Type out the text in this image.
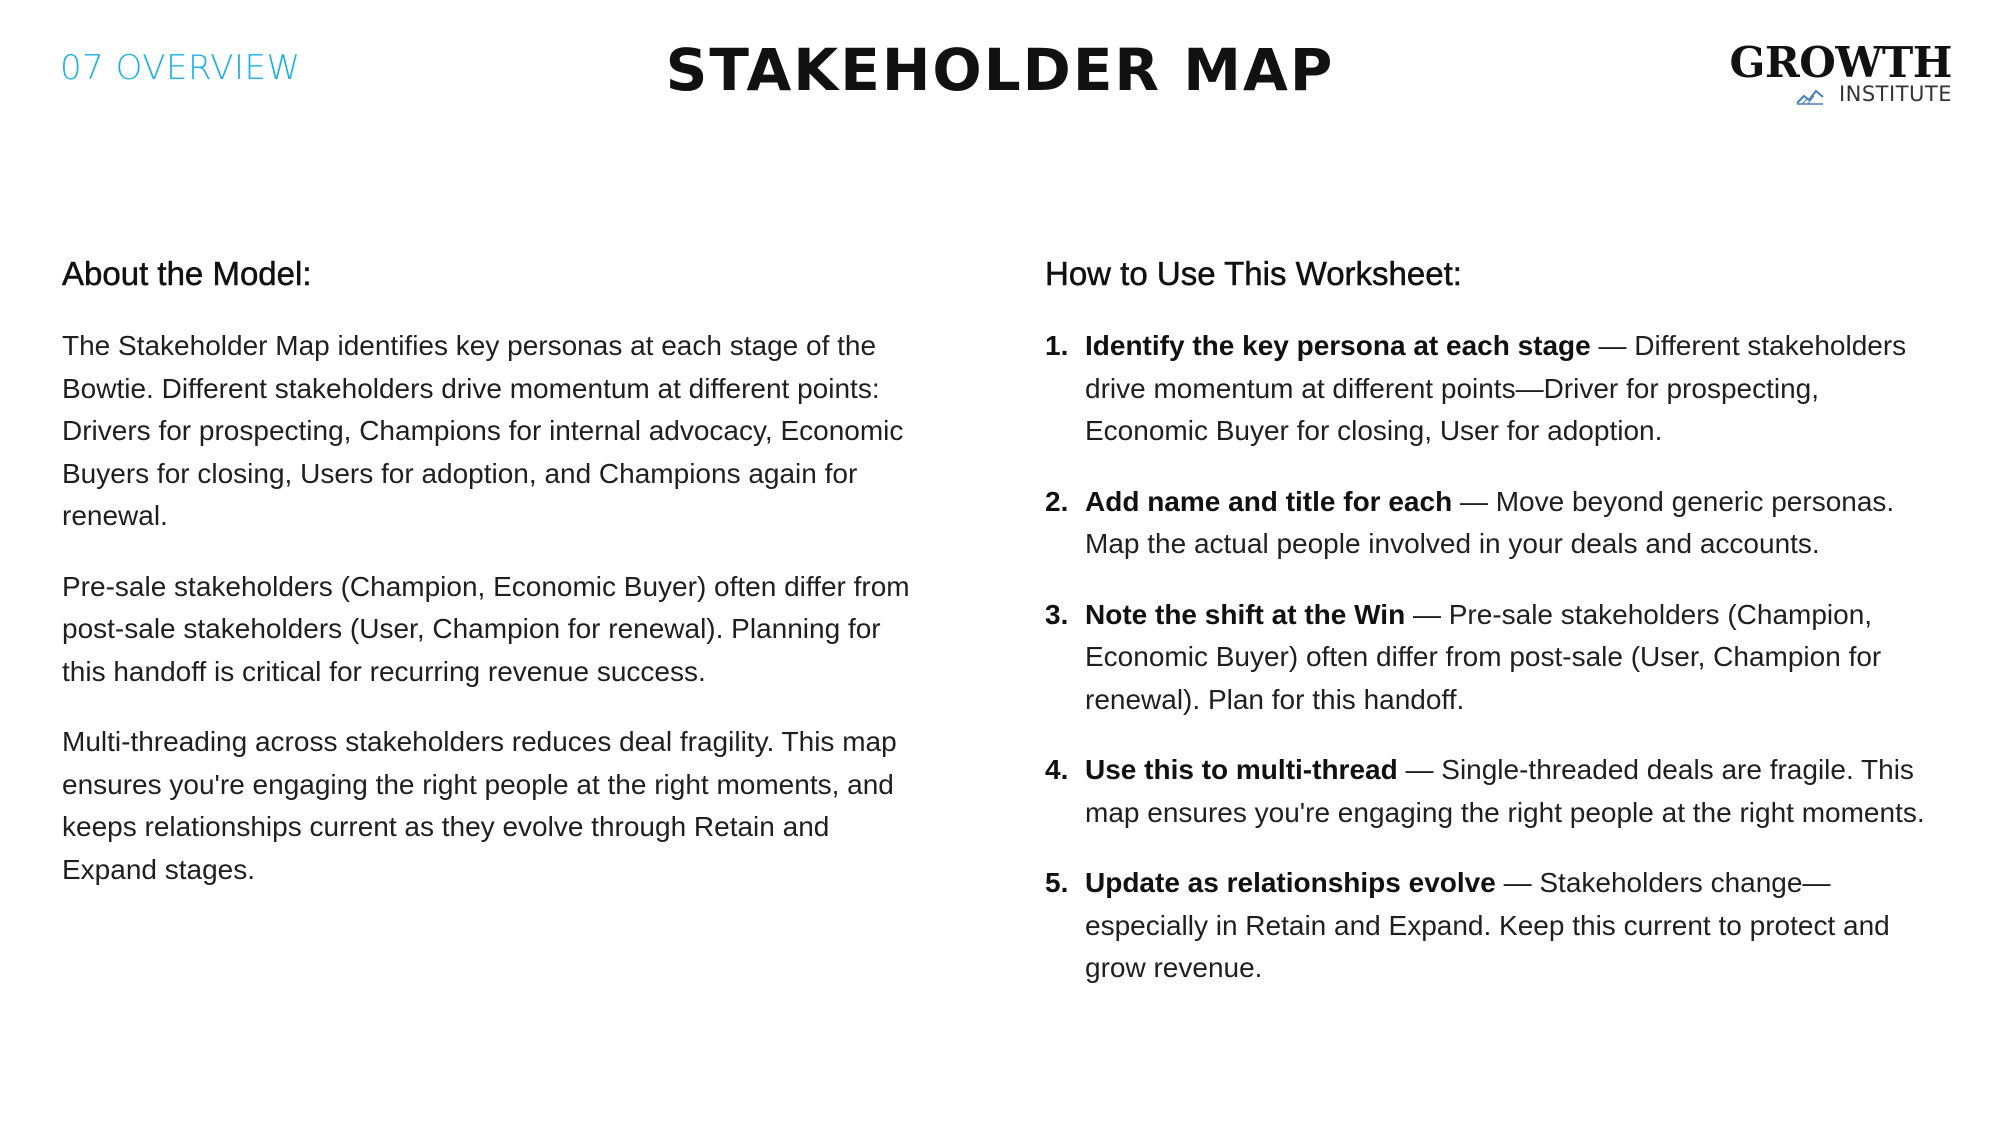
07 OVERVIEW	STAKEHOLDER MAP	GROWTH
INSTITUTE
About the Model:

The Stakeholder Map identifies key personas at each stage of the Bowtie. Different stakeholders drive momentum at different points: Drivers for prospecting, Champions for internal advocacy, Economic Buyers for closing, Users for adoption, and Champions again for renewal.

Pre-sale stakeholders (Champion, Economic Buyer) often differ from post-sale stakeholders (User, Champion for renewal). Planning for this handoff is critical for recurring revenue success.

Multi-threading across stakeholders reduces deal fragility. This map ensures you're engaging the right people at the right moments, and keeps relationships current as they evolve through Retain and Expand stages.

How to Use This Worksheet:
1. Identify the key persona at each stage — Different stakeholders drive momentum at different points—Driver for prospecting, Economic Buyer for closing, User for adoption.
2. Add name and title for each — Move beyond generic personas. Map the actual people involved in your deals and accounts.
3. Note the shift at the Win — Pre-sale stakeholders (Champion, Economic Buyer) often differ from post-sale (User, Champion for renewal). Plan for this handoff.
4. Use this to multi-thread — Single-threaded deals are fragile. This map ensures you're engaging the right people at the right moments.
5. Update as relationships evolve — Stakeholders change—especially in Retain and Expand. Keep this current to protect and grow revenue.
